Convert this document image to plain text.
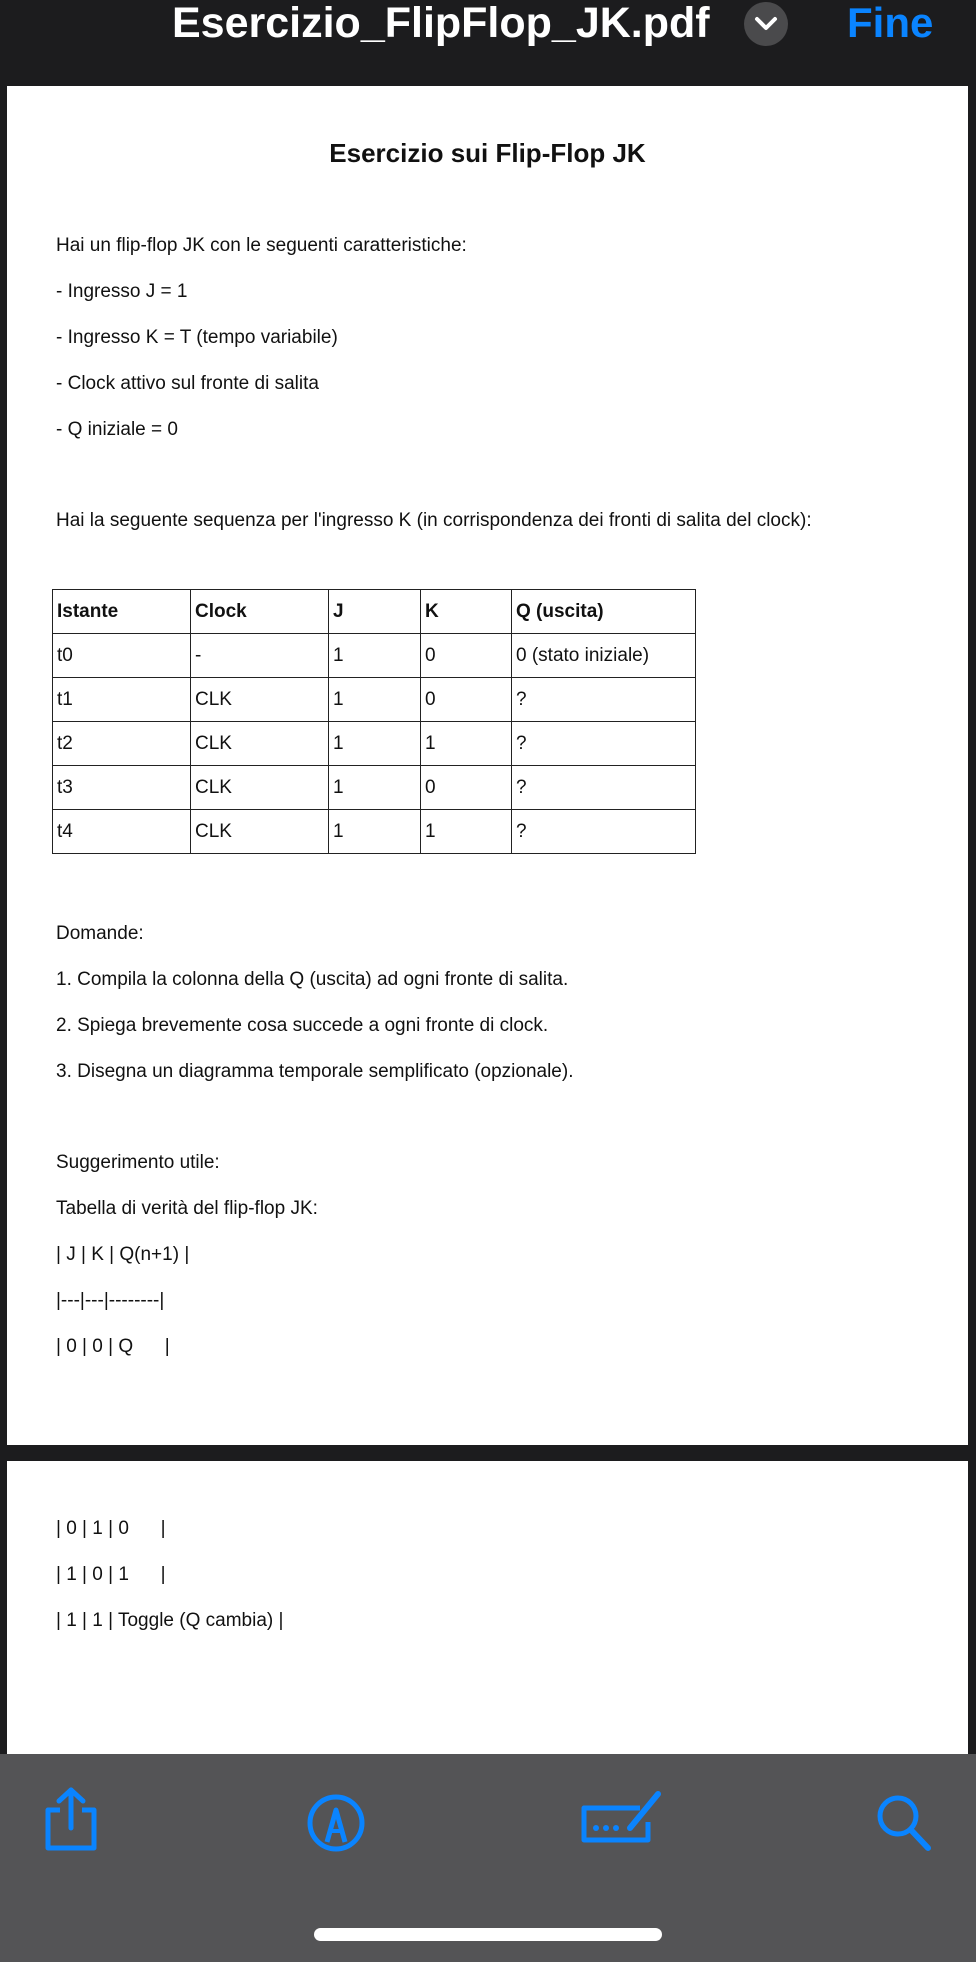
Esercizio_FlipFlop_JK.pdf	Fine
Esercizio sui Flip-Flop JK
Hai un flip-flop JK con le seguenti caratteristiche:
- Ingresso J = 1
- Ingresso K = T (tempo variabile)
- Clock attivo sul fronte di salita
- Q iniziale = 0
Hai la seguente sequenza per l'ingresso K (in corrispondenza dei fronti di salita del clock):
Istante	Clock	J	K	Q (uscita)
t0	-	1	0	0 (stato iniziale)
t1	CLK	1	0	?
t2	CLK	1	1	?
t3	CLK	1	0	?
t4	CLK	1	1	?
Domande:
1. Compila la colonna della Q (uscita) ad ogni fronte di salita.
2. Spiega brevemente cosa succede a ogni fronte di clock.
3. Disegna un diagramma temporale semplificato (opzionale).
Suggerimento utile:
Tabella di verità del flip-flop JK:
| J | K | Q(n+1) |
|---|---|--------|
| 0 | 0 | Q      |
| 0 | 1 | 0      |
| 1 | 0 | 1      |
| 1 | 1 | Toggle (Q cambia) |
